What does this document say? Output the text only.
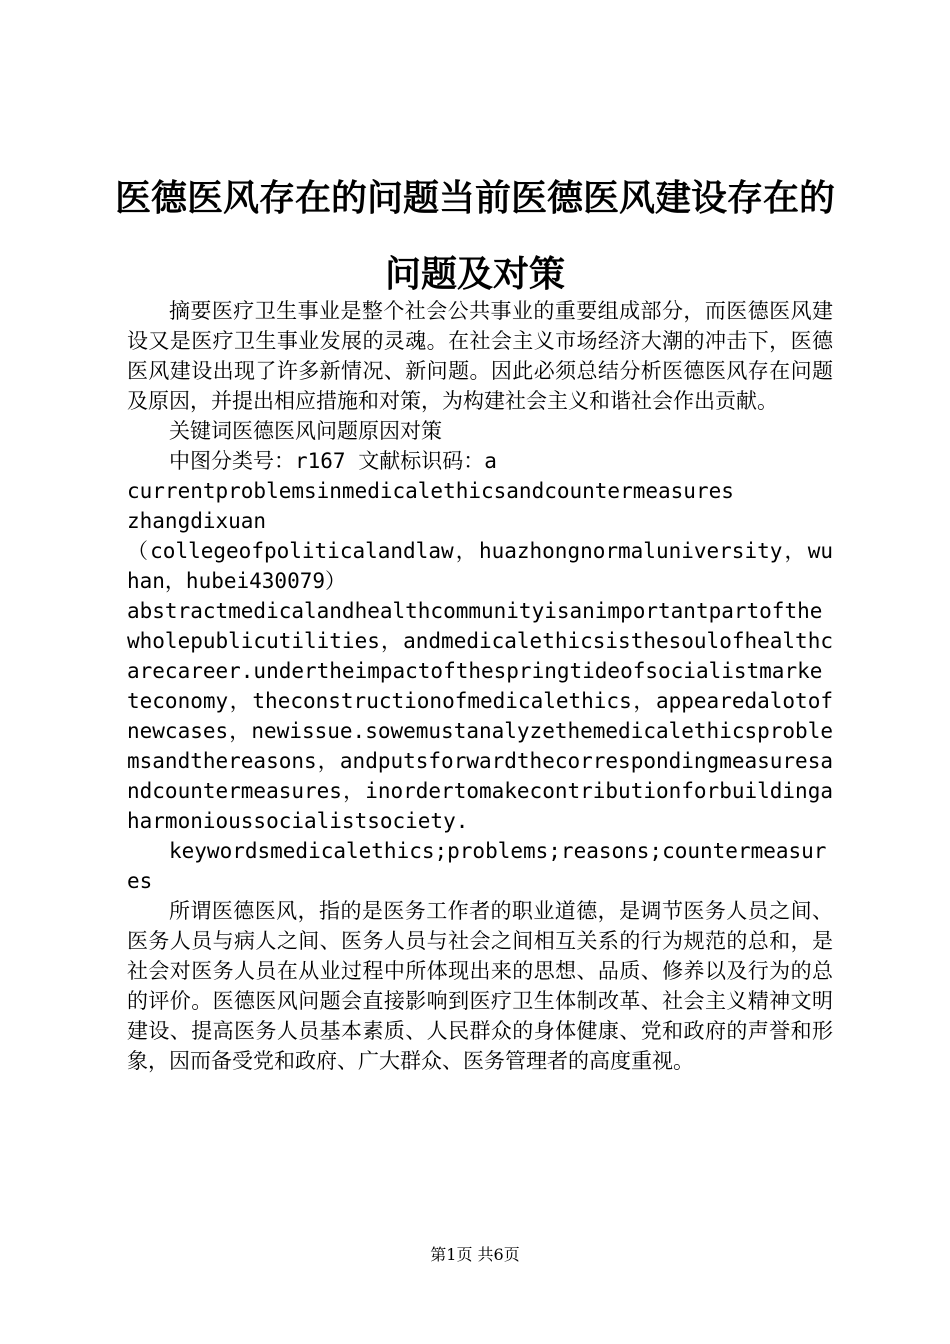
医德医风存在的问题当前医德医风建设存在的
问题及对策

摘要医疗卫生事业是整个社会公共事业的重要组成部分，而医德医风建设又是医疗卫生事业发展的灵魂。在社会主义市场经济大潮的冲击下，医德医风建设出现了许多新情况、新问题。因此必须总结分析医德医风存在问题及原因，并提出相应措施和对策，为构建社会主义和谐社会作出贡献。

关键词医德医风问题原因对策

中图分类号：r167 文献标识码：a

currentproblemsinmedicalethicsandcountermeasures

zhangdixuan

（collegeofpoliticalandlaw，huazhongnormaluniversity，wuhan，hubei430079）

abstractmedicalandhealthcommunityisanimportantpartofthewholepublicutilities，andmedicalethicsisthesoulofhealthcarecareer.undertheimpactofthespringtideofsocialistmarketeconomy，theconstructionofmedicalethics，appearedalotofnewcases，newissue.sowemustanalyzethemedicalethicsproblemsandthereasons，andputsforwardthecorrespondingmeasuresandcountermeasures，inordertomakecontributionforbuildingaharmonioussocialistsociety.

keywordsmedicalethics;problems;reasons;countermeasures

所谓医德医风，指的是医务工作者的职业道德，是调节医务人员之间、医务人员与病人之间、医务人员与社会之间相互关系的行为规范的总和，是社会对医务人员在从业过程中所体现出来的思想、品质、修养以及行为的总的评价。医德医风问题会直接影响到医疗卫生体制改革、社会主义精神文明建设、提高医务人员基本素质、人民群众的身体健康、党和政府的声誉和形象，因而备受党和政府、广大群众、医务管理者的高度重视。

第1页 共6页
